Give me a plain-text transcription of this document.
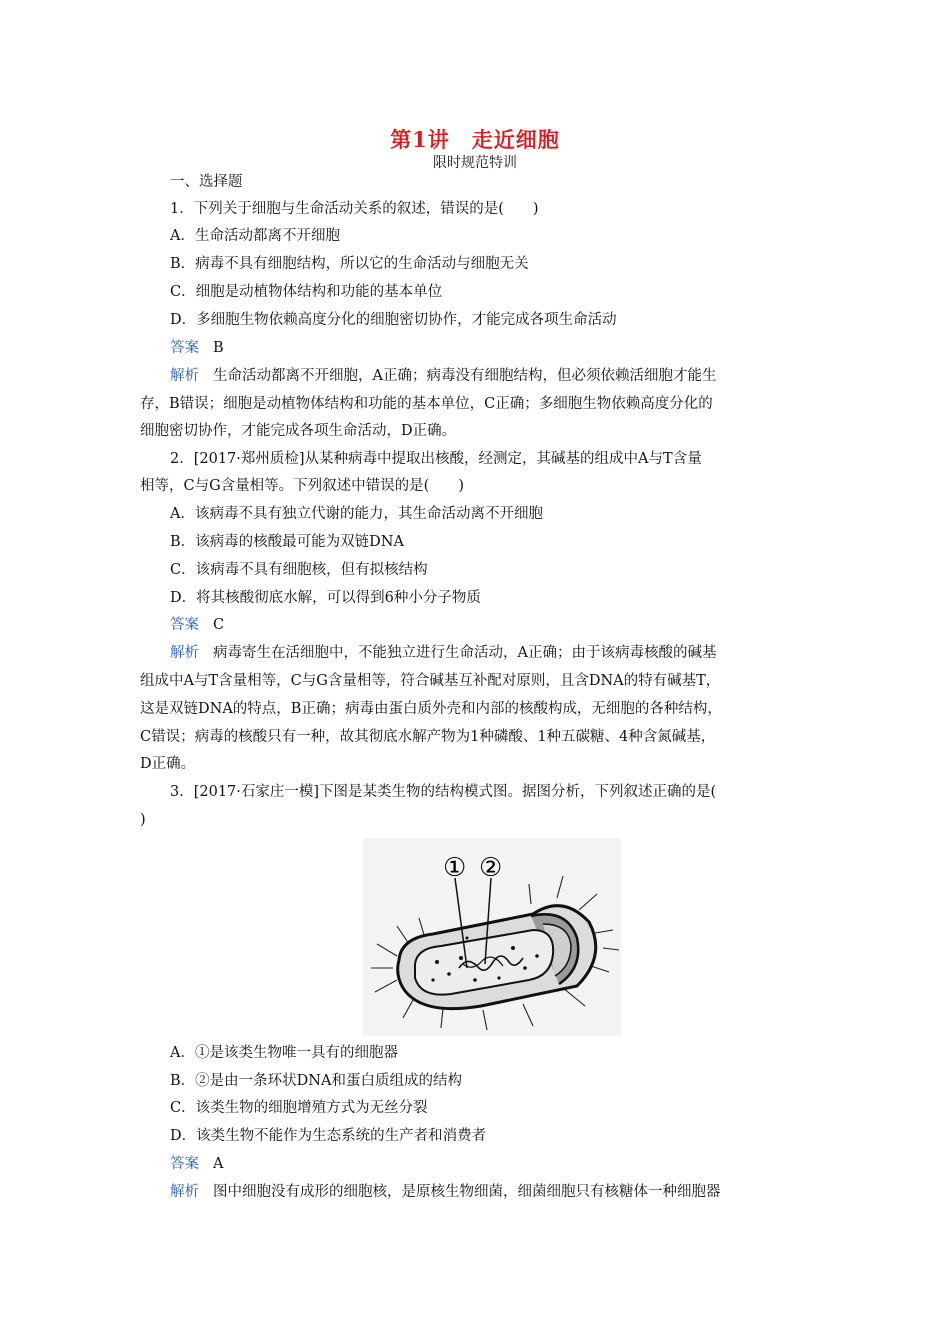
第1讲　走近细胞
限时规范特训
一、选择题
1．下列关于细胞与生命活动关系的叙述，错误的是(　　)
A．生命活动都离不开细胞
B．病毒不具有细胞结构，所以它的生命活动与细胞无关
C．细胞是动植物体结构和功能的基本单位
D．多细胞生物依赖高度分化的细胞密切协作，才能完成各项生命活动
答案 B
解析 生命活动都离不开细胞，A正确；病毒没有细胞结构，但必须依赖活细胞才能生
存，B错误；细胞是动植物体结构和功能的基本单位，C正确；多细胞生物依赖高度分化的
细胞密切协作，才能完成各项生命活动，D正确。
2．[2017·郑州质检]从某种病毒中提取出核酸，经测定，其碱基的组成中A与T含量
相等，C与G含量相等。下列叙述中错误的是(　　)
A．该病毒不具有独立代谢的能力，其生命活动离不开细胞
B．该病毒的核酸最可能为双链DNA
C．该病毒不具有细胞核，但有拟核结构
D．将其核酸彻底水解，可以得到6种小分子物质
答案 C
解析 病毒寄生在活细胞中，不能独立进行生命活动，A正确；由于该病毒核酸的碱基
组成中A与T含量相等，C与G含量相等，符合碱基互补配对原则，且含DNA的特有碱基T，
这是双链DNA的特点，B正确；病毒由蛋白质外壳和内部的核酸构成，无细胞的各种结构，
C错误；病毒的核酸只有一种，故其彻底水解产物为1种磷酸、1种五碳糖、4种含氮碱基，
D正确。
3．[2017·石家庄一模]下图是某类生物的结构模式图。据图分析，下列叙述正确的是(
)
① ②
A．①是该类生物唯一具有的细胞器
B．②是由一条环状DNA和蛋白质组成的结构
C．该类生物的细胞增殖方式为无丝分裂
D．该类生物不能作为生态系统的生产者和消费者
答案 A
解析 图中细胞没有成形的细胞核，是原核生物细菌，细菌细胞只有核糖体一种细胞器
